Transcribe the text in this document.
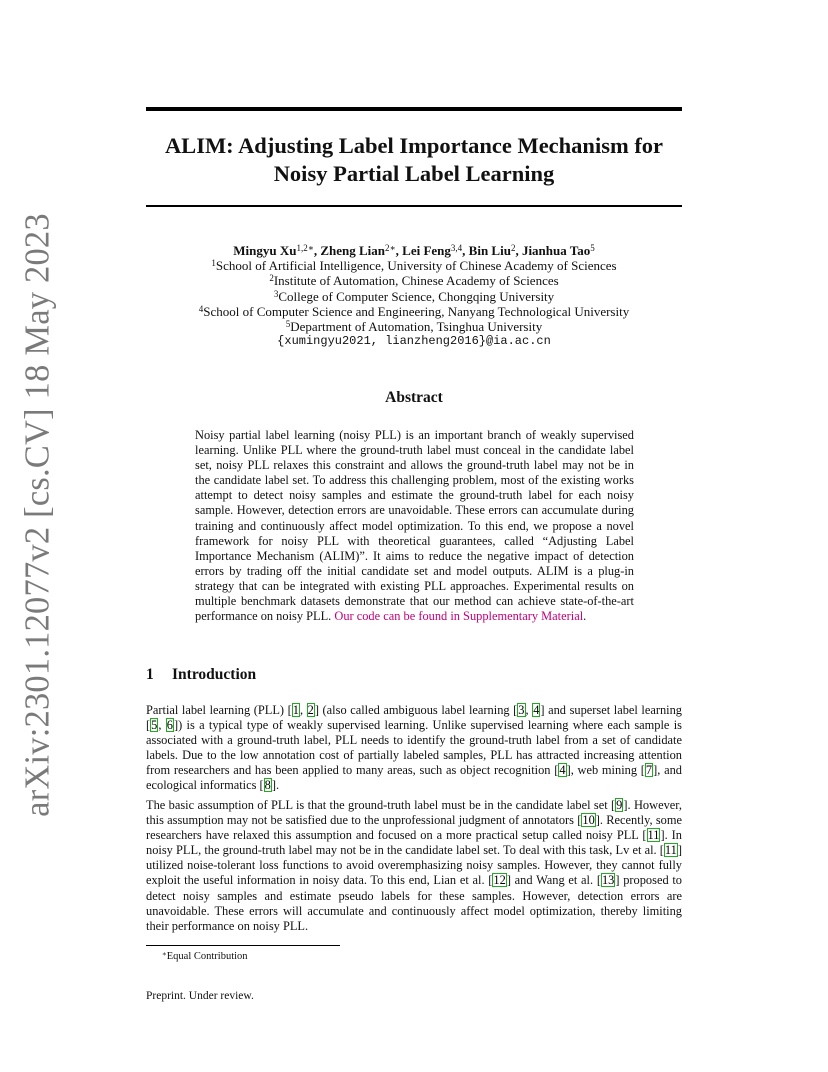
arXiv:2301.12077v2 [cs.CV] 18 May 2023
ALIM: Adjusting Label Importance Mechanism for
Noisy Partial Label Learning
Mingyu $Xu^{1,2∗}$, Zheng Lian$^{2∗}$, Lei Feng$^{3,4}$, Bin Liu$^2$, Jianhua Tao$^5$
$^1$School of Artificial Intelligence, University of Chinese Academy of Sciences
$^2$Institute of Automation, Chinese Academy of Sciences
$^3$College of Computer Science, Chongqing University
$^4$School of Computer Science and Engineering, Nanyang Technological University
$^5$Department of Automation, Tsinghua University
{xumingyu2021, lianzheng2016}@ia.ac.cn
Abstract
Noisy partial label learning (noisy PLL) is an important branch of weakly supervised learning. Unlike PLL where the ground-truth label must conceal in the candidate label set, noisy PLL relaxes this constraint and allows the ground-truth label may not be in the candidate label set. To address this challenging problem, most of the existing works attempt to detect noisy samples and estimate the ground-truth label for each noisy sample. However, detection errors are unavoidable. These errors can accumulate during training and continuously affect model optimization. To this end, we propose a novel framework for noisy PLL with theoretical guarantees, called “Adjusting Label Importance Mechanism (ALIM)”. It aims to reduce the negative impact of detection errors by trading off the initial candidate set and model outputs. ALIM is a plug-in strategy that can be integrated with existing PLL approaches. Experimental results on multiple benchmark datasets demonstrate that our method can achieve state-of-the-art performance on noisy PLL. Our code can be found in Supplementary Material.
1 Introduction
Partial label learning (PLL) [1, 2] (also called ambiguous label learning [3, 4] and superset label learning [5, 6]) is a typical type of weakly supervised learning. Unlike supervised learning where each sample is associated with a ground-truth label, PLL needs to identify the ground-truth label from a set of candidate labels. Due to the low annotation cost of partially labeled samples, PLL has attracted increasing attention from researchers and has been applied to many areas, such as object recognition [4], web mining [7], and ecological informatics [8].
The basic assumption of PLL is that the ground-truth label must be in the candidate label set [9]. However, this assumption may not be satisfied due to the unprofessional judgment of annotators [10]. Recently, some researchers have relaxed this assumption and focused on a more practical setup called noisy PLL [11]. In noisy PLL, the ground-truth label may not be in the candidate label set. To deal with this task, Lv et al. [11] utilized noise-tolerant loss functions to avoid overemphasizing noisy samples. However, they cannot fully exploit the useful information in noisy data. To this end, Lian et al. [12] and Wang et al. [13] proposed to detect noisy samples and estimate pseudo labels for these samples. However, detection errors are unavoidable. These errors will accumulate and continuously affect model optimization, thereby limiting their performance on noisy PLL.
∗Equal Contribution
Preprint. Under review.
